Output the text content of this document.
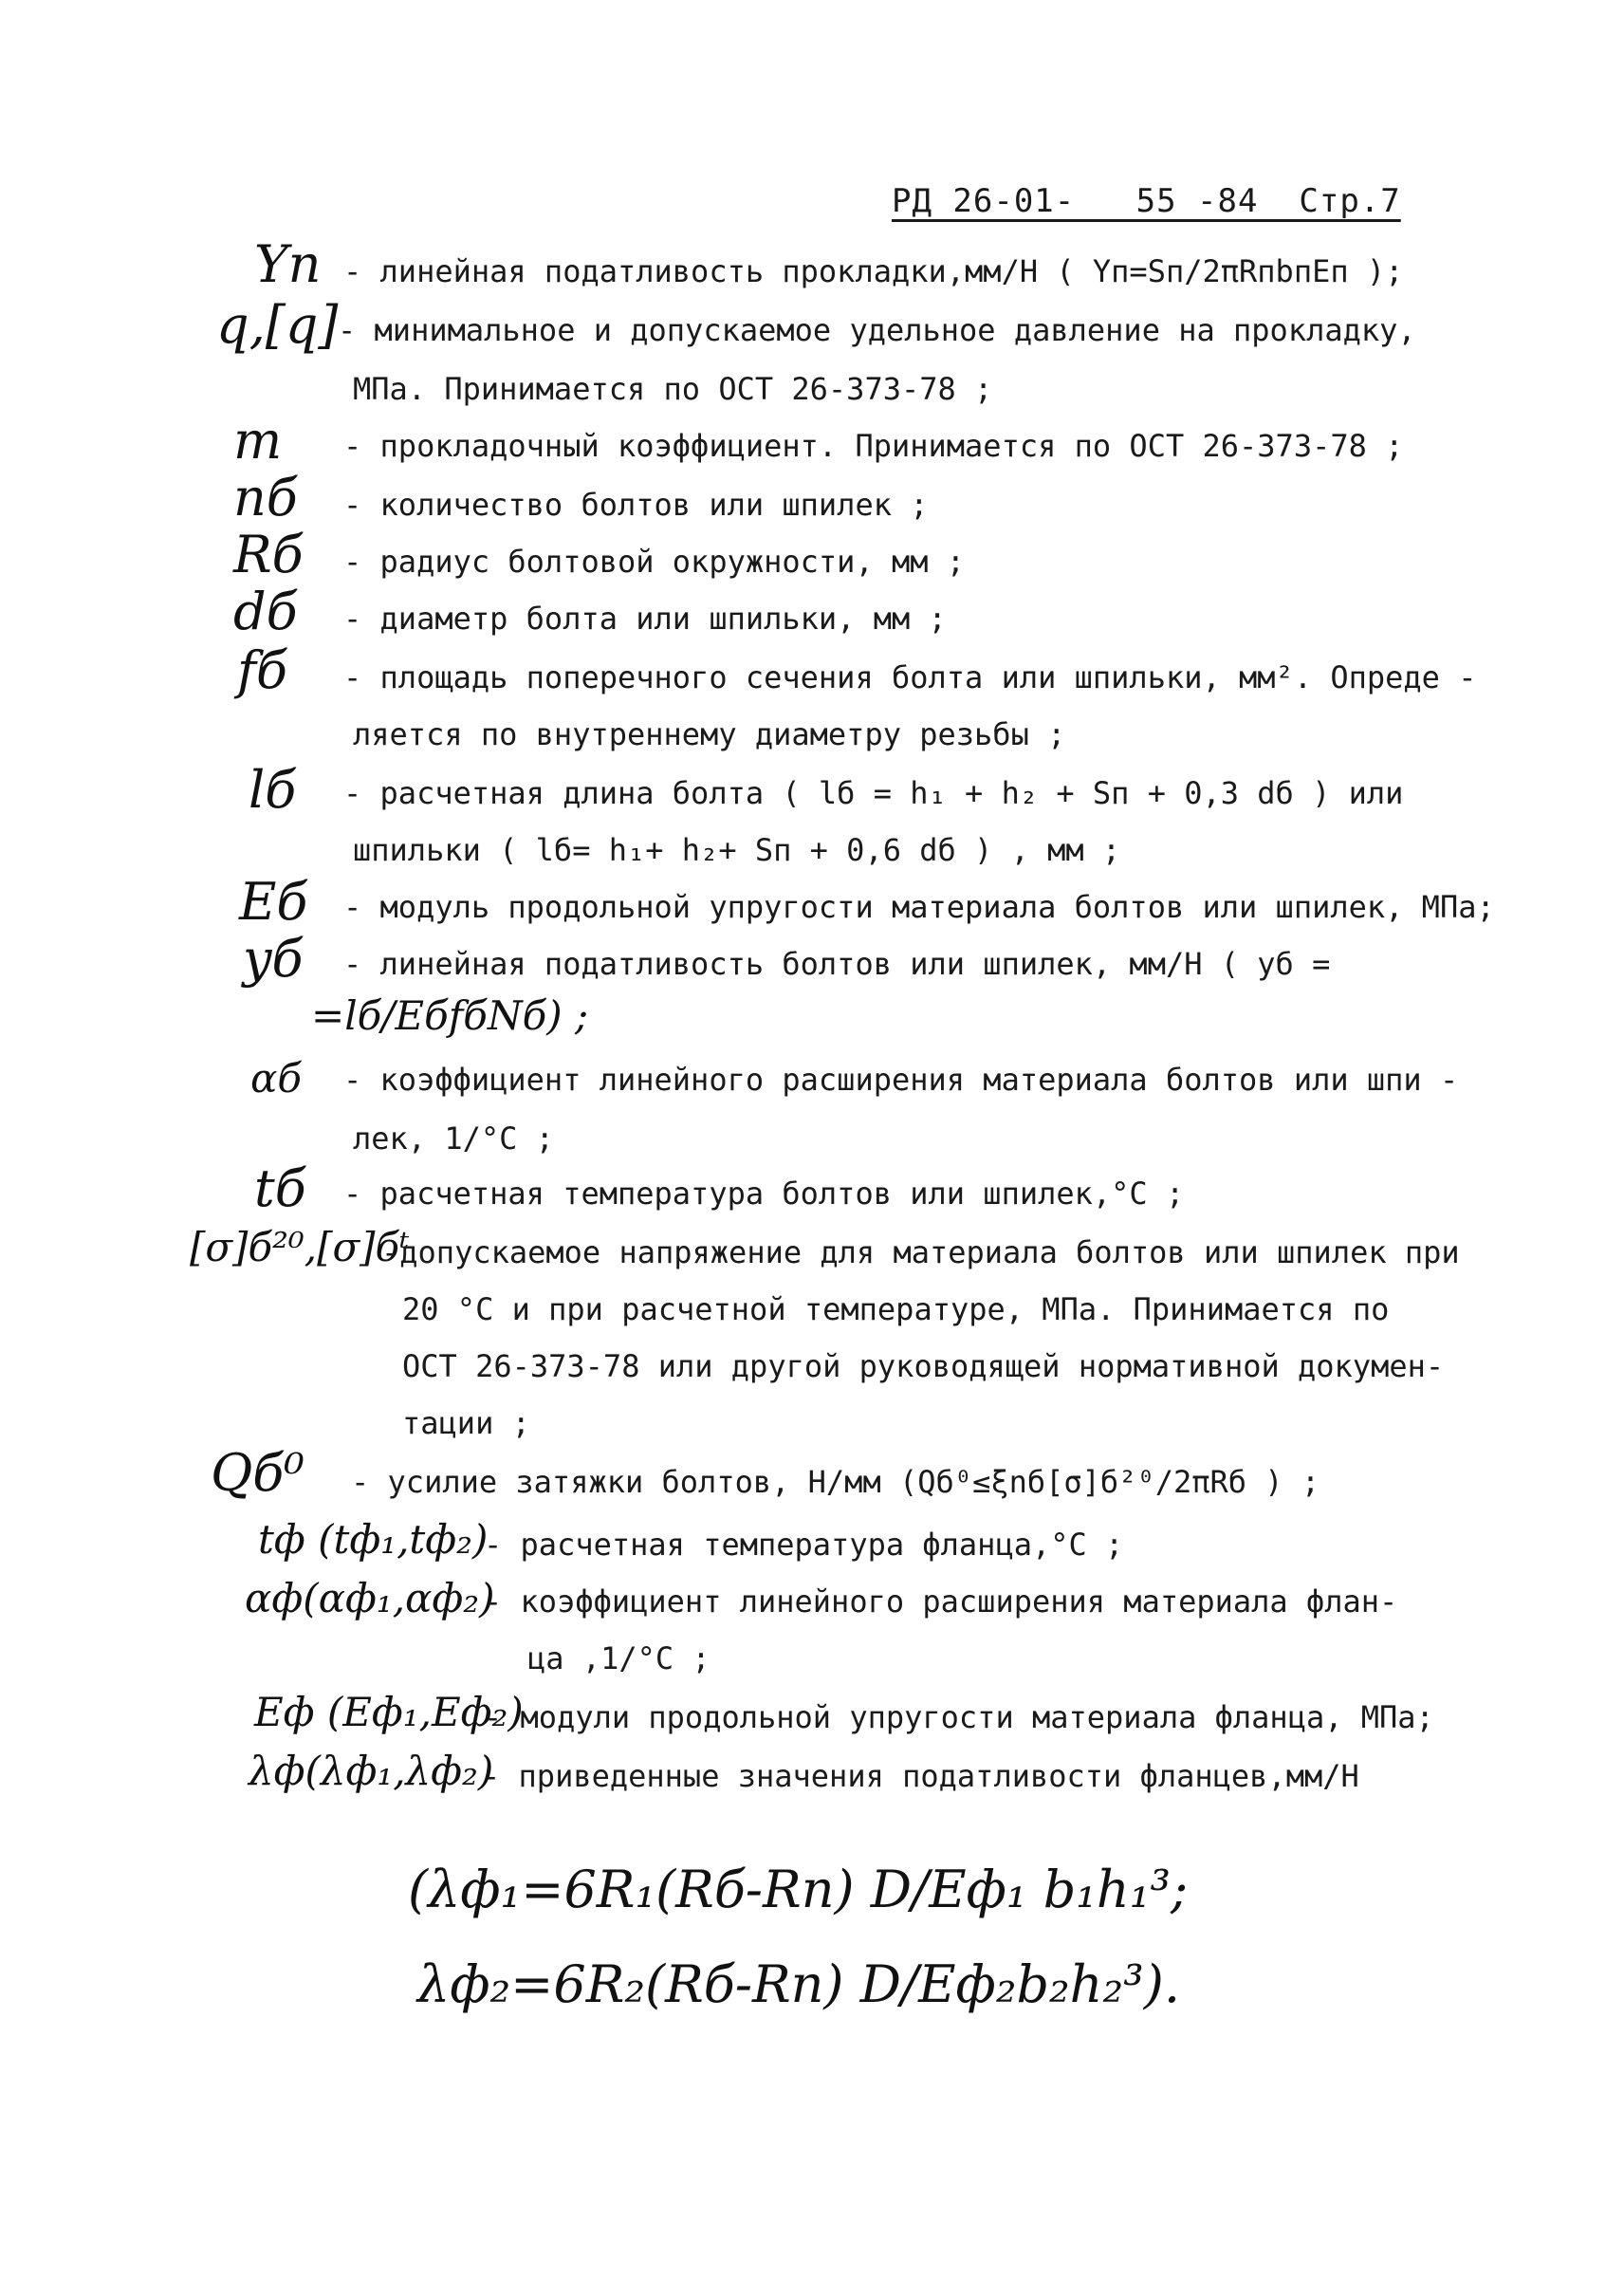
РД 26-01-   55 -84  Стр.7
Yп - линейная податливость прокладки,мм/Н ( Yп=Sп/2πRпbпEп );
q,[q] - минимальное и допускаемое удельное давление на прокладку,
МПа. Принимается по ОСТ 26-373-78 ;
m - прокладочный коэффициент. Принимается по ОСТ 26-373-78 ;
nб - количество болтов или шпилек ;
Rб - радиус болтовой окружности, мм ;
dб - диаметр болта или шпильки, мм ;
fб - площадь поперечного сечения болта или шпильки, мм². Опреде -
ляется по внутреннему диаметру резьбы ;
lб - расчетная длина болта ( lб = h₁ + h₂ + Sп + 0,3 dб ) или
шпильки ( lб= h₁+ h₂+ Sп + 0,6 dб ) , мм ;
Eб - модуль продольной упругости материала болтов или шпилек, МПа;
yб - линейная податливость болтов или шпилек, мм/Н ( yб =
=lб/EбfбNб) ;
αб - коэффициент линейного расширения материала болтов или шпи -
лек, 1/°С ;
tб - расчетная температура болтов или шпилек,°С ;
[σ]б²⁰,[σ]бᵗ
-допускаемое напряжение для материала болтов или шпилек при
20 °С и при расчетной температуре, МПа. Принимается по
ОСТ 26-373-78 или другой руководящей нормативной докумен-
тации ;
Qб⁰ - усилие затяжки болтов, Н/мм (Qб⁰≤ξnб[σ]б²⁰/2πRб ) ;
tф (tф₁,tф₂)
- расчетная температура фланца,°С ;
αф(αф₁,αф₂)
- коэффициент линейного расширения материала флан-
ца ,1/°С ;
Eф (Eф₁,Eф₂)
- модули продольной упругости материала фланца, МПа;
λф(λф₁,λф₂)
- приведенные значения податливости фланцев,мм/Н
(λф₁=6R₁(Rб-Rп) D/Eф₁ b₁h₁³;
λф₂=6R₂(Rб-Rп) D/Eф₂b₂h₂³).
